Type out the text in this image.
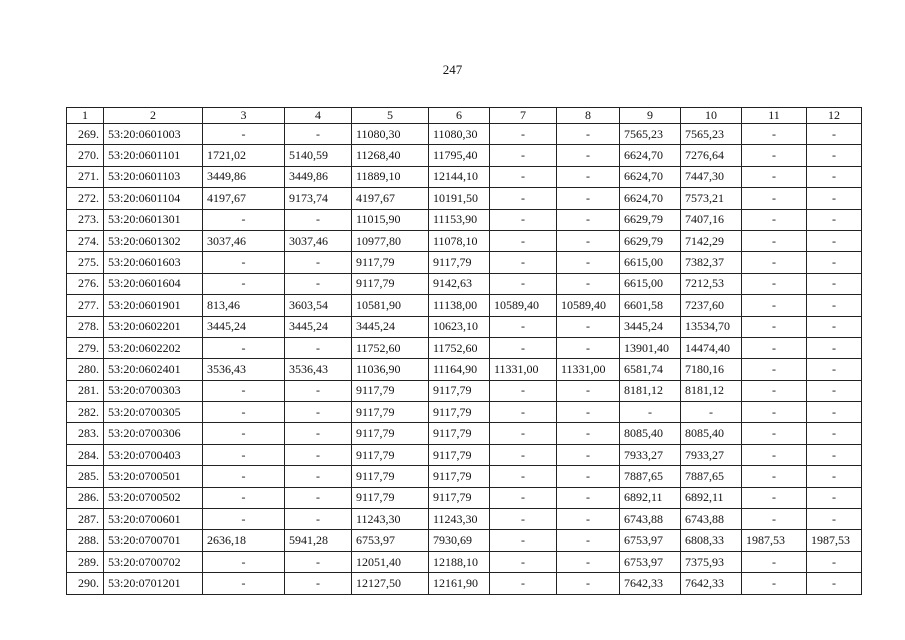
247
1	2	3	4	5	6	7	8	9	10	11	12
269.	53:20:0601003	-	-	11080,30	11080,30	-	-	7565,23	7565,23	-	-
270.	53:20:0601101	1721,02	5140,59	11268,40	11795,40	-	-	6624,70	7276,64	-	-
271.	53:20:0601103	3449,86	3449,86	11889,10	12144,10	-	-	6624,70	7447,30	-	-
272.	53:20:0601104	4197,67	9173,74	4197,67	10191,50	-	-	6624,70	7573,21	-	-
273.	53:20:0601301	-	-	11015,90	11153,90	-	-	6629,79	7407,16	-	-
274.	53:20:0601302	3037,46	3037,46	10977,80	11078,10	-	-	6629,79	7142,29	-	-
275.	53:20:0601603	-	-	9117,79	9117,79	-	-	6615,00	7382,37	-	-
276.	53:20:0601604	-	-	9117,79	9142,63	-	-	6615,00	7212,53	-	-
277.	53:20:0601901	813,46	3603,54	10581,90	11138,00	10589,40	10589,40	6601,58	7237,60	-	-
278.	53:20:0602201	3445,24	3445,24	3445,24	10623,10	-	-	3445,24	13534,70	-	-
279.	53:20:0602202	-	-	11752,60	11752,60	-	-	13901,40	14474,40	-	-
280.	53:20:0602401	3536,43	3536,43	11036,90	11164,90	11331,00	11331,00	6581,74	7180,16	-	-
281.	53:20:0700303	-	-	9117,79	9117,79	-	-	8181,12	8181,12	-	-
282.	53:20:0700305	-	-	9117,79	9117,79	-	-	-	-	-	-
283.	53:20:0700306	-	-	9117,79	9117,79	-	-	8085,40	8085,40	-	-
284.	53:20:0700403	-	-	9117,79	9117,79	-	-	7933,27	7933,27	-	-
285.	53:20:0700501	-	-	9117,79	9117,79	-	-	7887,65	7887,65	-	-
286.	53:20:0700502	-	-	9117,79	9117,79	-	-	6892,11	6892,11	-	-
287.	53:20:0700601	-	-	11243,30	11243,30	-	-	6743,88	6743,88	-	-
288.	53:20:0700701	2636,18	5941,28	6753,97	7930,69	-	-	6753,97	6808,33	1987,53	1987,53
289.	53:20:0700702	-	-	12051,40	12188,10	-	-	6753,97	7375,93	-	-
290.	53:20:0701201	-	-	12127,50	12161,90	-	-	7642,33	7642,33	-	-
